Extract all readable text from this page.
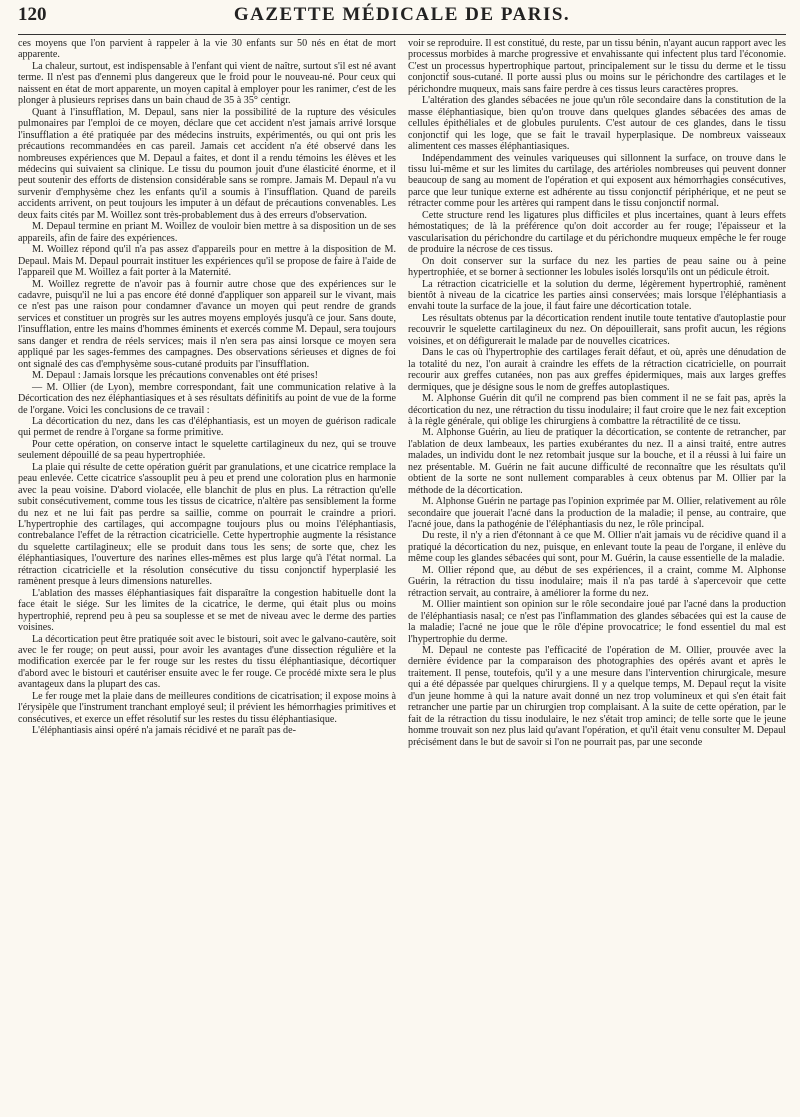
120	GAZETTE MÉDICALE DE PARIS.

ces moyens que l'on parvient à rappeler à la vie 30 enfants sur 50 nés en état de mort apparente.

La chaleur, surtout, est indispensable à l'enfant qui vient de naître, surtout s'il est né avant terme. Il n'est pas d'ennemi plus dangereux que le froid pour le nouveau-né. Pour ceux qui naissent en état de mort apparente, un moyen capital à employer pour les ranimer, c'est de les plonger à plusieurs reprises dans un bain chaud de 35 à 35° centigr.

Quant à l'insufflation, M. Depaul, sans nier la possibilité de la rupture des vésicules pulmonaires par l'emploi de ce moyen, déclare que cet accident n'est jamais arrivé lorsque l'insufflation a été pratiquée par des médecins instruits, expérimentés, ou qui ont pris les précautions recommandées en cas pareil. Jamais cet accident n'a été observé dans les nombreuses expériences que M. Depaul a faites, et dont il a rendu témoins les élèves et les médecins qui suivaient sa clinique. Le tissu du poumon jouit d'une élasticité énorme, et il peut soutenir des efforts de distension considérable sans se rompre. Jamais M. Depaul n'a vu survenir d'emphysème chez les enfants qu'il a soumis à l'insufflation. Quand de pareils accidents arrivent, on peut toujours les imputer à un défaut de précautions convenables. Les deux faits cités par M. Woillez sont très-probablement dus à des erreurs d'observation.

M. Depaul termine en priant M. Woillez de vouloir bien mettre à sa disposition un de ses appareils, afin de faire des expériences.

M. Woillez répond qu'il n'a pas assez d'appareils pour en mettre à la disposition de M. Depaul. Mais M. Depaul pourrait instituer les expériences qu'il se propose de faire à l'aide de l'appareil que M. Woillez a fait porter à la Maternité.

M. Woillez regrette de n'avoir pas à fournir autre chose que des expériences sur le cadavre, puisqu'il ne lui a pas encore été donné d'appliquer son appareil sur le vivant, mais ce n'est pas une raison pour condamner d'avance un moyen qui peut rendre de grands services et constituer un progrès sur les autres moyens employés jusqu'à ce jour. Sans doute, l'insufflation, entre les mains d'hommes éminents et exercés comme M. Depaul, sera toujours sans danger et rendra de réels services; mais il n'en sera pas ainsi lorsque ce moyen sera appliqué par les sages-femmes des campagnes. Des observations sérieuses et dignes de foi ont signalé des cas d'emphysème sous-cutané produits par l'insufflation.

M. Depaul : Jamais lorsque les précautions convenables ont été prises!

— M. Ollier (de Lyon), membre correspondant, fait une communication relative à la Décortication des nez éléphantiasiques et à ses résultats définitifs au point de vue de la forme de l'organe. Voici les conclusions de ce travail :

La décortication du nez, dans les cas d'éléphantiasis, est un moyen de guérison radicale qui permet de rendre à l'organe sa forme primitive.

Pour cette opération, on conserve intact le squelette cartilagineux du nez, qui se trouve seulement dépouillé de sa peau hypertrophiée.

La plaie qui résulte de cette opération guérit par granulations, et une cicatrice remplace la peau enlevée. Cette cicatrice s'assouplit peu à peu et prend une coloration plus en harmonie avec la peau voisine. D'abord violacée, elle blanchit de plus en plus. La rétraction qu'elle subit consécutivement, comme tous les tissus de cicatrice, n'altère pas sensiblement la forme du nez et ne lui fait pas perdre sa saillie, comme on pourrait le craindre a priori. L'hypertrophie des cartilages, qui accompagne toujours plus ou moins l'éléphantiasis, contrebalance l'effet de la rétraction cicatricielle. Cette hypertrophie augmente la résistance du squelette cartilagineux; elle se produit dans tous les sens; de sorte que, chez les éléphantiasiques, l'ouverture des narines elles-mêmes est plus large qu'à l'état normal. La rétraction cicatricielle et la résolution consécutive du tissu conjonctif hyperplasié les ramènent presque à leurs dimensions naturelles.

L'ablation des masses éléphantiasiques fait disparaître la congestion habituelle dont la face était le siége. Sur les limites de la cicatrice, le derme, qui était plus ou moins hypertrophié, reprend peu à peu sa souplesse et se met de niveau avec le derme des parties voisines.

La décortication peut être pratiquée soit avec le bistouri, soit avec le galvano-cautère, soit avec le fer rouge; on peut aussi, pour avoir les avantages d'une dissection régulière et la modification exercée par le fer rouge sur les restes du tissu éléphantiasique, décortiquer d'abord avec le bistouri et cautériser ensuite avec le fer rouge. Ce procédé mixte sera le plus avantageux dans la plupart des cas.

Le fer rouge met la plaie dans de meilleures conditions de cicatrisation; il expose moins à l'érysipèle que l'instrument tranchant employé seul; il prévient les hémorrhagies primitives et consécutives, et exerce un effet résolutif sur les restes du tissu éléphantiasique.

L'éléphantiasis ainsi opéré n'a jamais récidivé et ne paraît pas de-

voir se reproduire. Il est constitué, du reste, par un tissu bénin, n'ayant aucun rapport avec les processus morbides à marche progressive et envahissante qui infectent plus tard l'économie. C'est un processus hypertrophique partout, principalement sur le tissu du derme et le tissu conjonctif sous-cutané. Il porte aussi plus ou moins sur le périchondre des cartilages et le périchondre muqueux, mais sans faire perdre à ces tissus leurs caractères propres.

L'altération des glandes sébacées ne joue qu'un rôle secondaire dans la constitution de la masse éléphantiasique, bien qu'on trouve dans quelques glandes sébacées des amas de cellules épithéliales et de globules purulents. C'est autour de ces glandes, dans le tissu conjonctif qui les loge, que se fait le travail hyperplasique. De nombreux vaisseaux alimentent ces masses éléphantiasiques.

Indépendamment des veinules variqueuses qui sillonnent la surface, on trouve dans le tissu lui-même et sur les limites du cartilage, des artérioles nombreuses qui peuvent donner beaucoup de sang au moment de l'opération et qui exposent aux hémorrhagies consécutives, parce que leur tunique externe est adhérente au tissu conjonctif périphérique, et ne peut se rétracter comme pour les artères qui rampent dans le tissu conjonctif normal.

Cette structure rend les ligatures plus difficiles et plus incertaines, quant à leurs effets hémostatiques; de là la préférence qu'on doit accorder au fer rouge; l'épaisseur et la vascularisation du périchondre du cartilage et du périchondre muqueux empêche le fer rouge de produire la nécrose de ces tissus.

On doit conserver sur la surface du nez les parties de peau saine ou à peine hypertrophiée, et se borner à sectionner les lobules isolés lorsqu'ils ont un pédicule étroit.

La rétraction cicatricielle et la solution du derme, légèrement hypertrophié, ramènent bientôt à niveau de la cicatrice les parties ainsi conservées; mais lorsque l'éléphantiasis a envahi toute la surface de la joue, il faut faire une décortication totale.

Les résultats obtenus par la décortication rendent inutile toute tentative d'autoplastie pour recouvrir le squelette cartilagineux du nez. On dépouillerait, sans profit aucun, les régions voisines, et on défigurerait le malade par de nouvelles cicatrices.

Dans le cas où l'hypertrophie des cartilages ferait défaut, et où, après une dénudation de la totalité du nez, l'on aurait à craindre les effets de la rétraction cicatricielle, on pourrait recourir aux greffes cutanées, non pas aux greffes épidermiques, mais aux larges greffes dermiques, que je désigne sous le nom de greffes autoplastiques.

M. Alphonse Guérin dit qu'il ne comprend pas bien comment il ne se fait pas, après la décortication du nez, une rétraction du tissu inodulaire; il faut croire que le nez fait exception à la règle générale, qui oblige les chirurgiens à combattre la rétractilité de ce tissu.

M. Alphonse Guérin, au lieu de pratiquer la décortication, se contente de retrancher, par l'ablation de deux lambeaux, les parties exubérantes du nez. Il a ainsi traité, entre autres malades, un individu dont le nez retombait jusque sur la bouche, et il a réussi à lui faire un nez présentable. M. Guérin ne fait aucune difficulté de reconnaître que les résultats qu'il obtient de la sorte ne sont nullement comparables à ceux obtenus par M. Ollier par la méthode de la décortication.

M. Alphonse Guérin ne partage pas l'opinion exprimée par M. Ollier, relativement au rôle secondaire que jouerait l'acné dans la production de la maladie; il pense, au contraire, que l'acné joue, dans la pathogénie de l'éléphantiasis du nez, le rôle principal.

Du reste, il n'y a rien d'étonnant à ce que M. Ollier n'ait jamais vu de récidive quand il a pratiqué la décortication du nez, puisque, en enlevant toute la peau de l'organe, il enlève du même coup les glandes sébacées qui sont, pour M. Guérin, la cause essentielle de la maladie.

M. Ollier répond que, au début de ses expériences, il a craint, comme M. Alphonse Guérin, la rétraction du tissu inodulaire; mais il n'a pas tardé à s'apercevoir que cette rétraction servait, au contraire, à améliorer la forme du nez.

M. Ollier maintient son opinion sur le rôle secondaire joué par l'acné dans la production de l'éléphantiasis nasal; ce n'est pas l'inflammation des glandes sébacées qui est la cause de la maladie; l'acné ne joue que le rôle d'épine provocatrice; le fond essentiel du mal est l'hypertrophie du derme.

M. Depaul ne conteste pas l'efficacité de l'opération de M. Ollier, prouvée avec la dernière évidence par la comparaison des photographies des opérés avant et après le traitement. Il pense, toutefois, qu'il y a une mesure dans l'intervention chirurgicale, mesure qui a été dépassée par quelques chirurgiens. Il y a quelque temps, M. Depaul reçut la visite d'un jeune homme à qui la nature avait donné un nez trop volumineux et qui s'en était fait retrancher une partie par un chirurgien trop complaisant. A la suite de cette opération, par le fait de la rétraction du tissu inodulaire, le nez s'était trop aminci; de telle sorte que le jeune homme trouvait son nez plus laid qu'avant l'opération, et qu'il était venu consulter M. Depaul précisément dans le but de savoir si l'on ne pourrait pas, par une seconde
